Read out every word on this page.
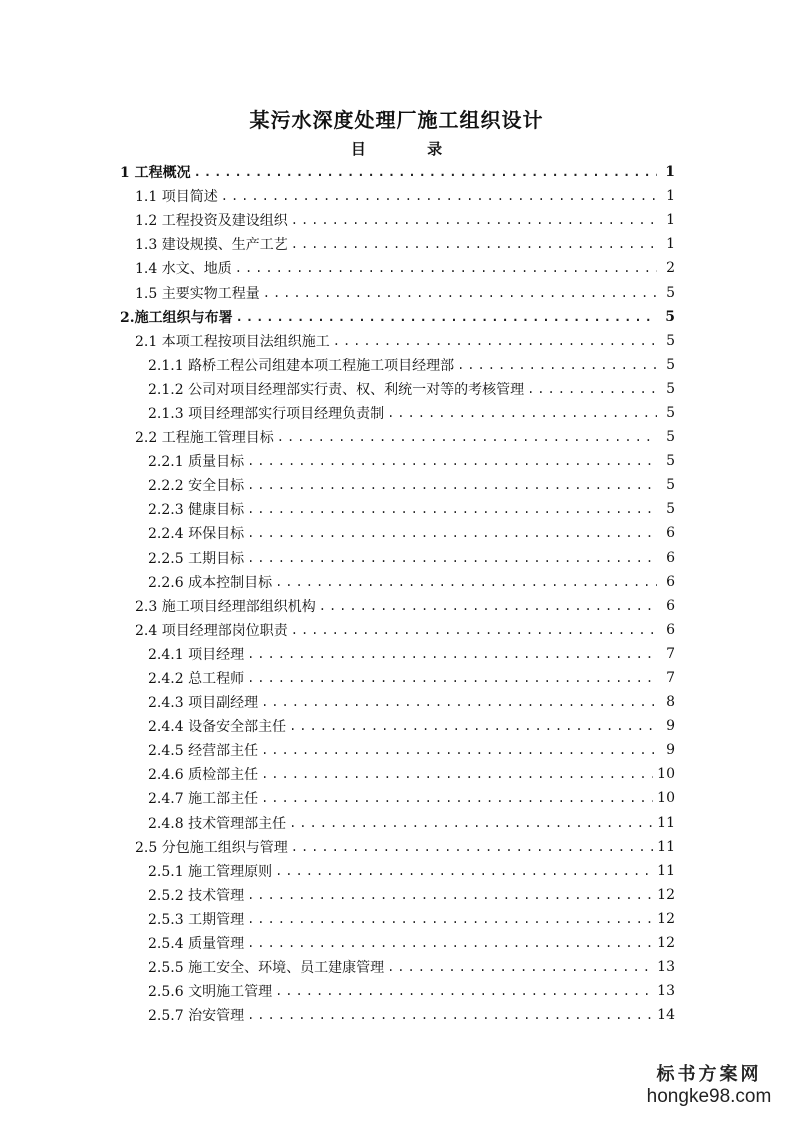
某污水深度处理厂施工组织设计
目 录
1 工程概况 .....	1
1.1 项目简述 .....	1
1.2 工程投资及建设组织 .....	1
1.3 建设规摸、生产工艺 .....	1
1.4 水文、地质 .....	2
1.5 主要实物工程量 .....	5
2.施工组织与布署 .....	5
2.1 本项工程按项目法组织施工 .....	5
2.1.1 路桥工程公司组建本项工程施工项目经理部 .....	5
2.1.2 公司对项目经理部实行责、权、利统一对等的考核管理 .....	5
2.1.3 项目经理部实行项目经理负责制 .....	5
2.2 工程施工管理目标 .....	5
2.2.1 质量目标 .....	5
2.2.2 安全目标 .....	5
2.2.3 健康目标 .....	5
2.2.4 环保目标 .....	6
2.2.5 工期目标 .....	6
2.2.6 成本控制目标 .....	6
2.3 施工项目经理部组织机构 .....	6
2.4 项目经理部岗位职责 .....	6
2.4.1 项目经理 .....	7
2.4.2 总工程师 .....	7
2.4.3 项目副经理 .....	8
2.4.4 设备安全部主任 .....	9
2.4.5 经营部主任 .....	9
2.4.6 质检部主任 .....	10
2.4.7 施工部主任 .....	10
2.4.8 技术管理部主任 .....	11
2.5 分包施工组织与管理 .....	11
2.5.1 施工管理原则 .....	11
2.5.2 技术管理 .....	12
2.5.3 工期管理 .....	12
2.5.4 质量管理 .....	12
2.5.5 施工安全、环境、员工建康管理 .....	13
2.5.6 文明施工管理 .....	13
2.5.7 治安管理 .....	14
标书方案网
hongke98.com
